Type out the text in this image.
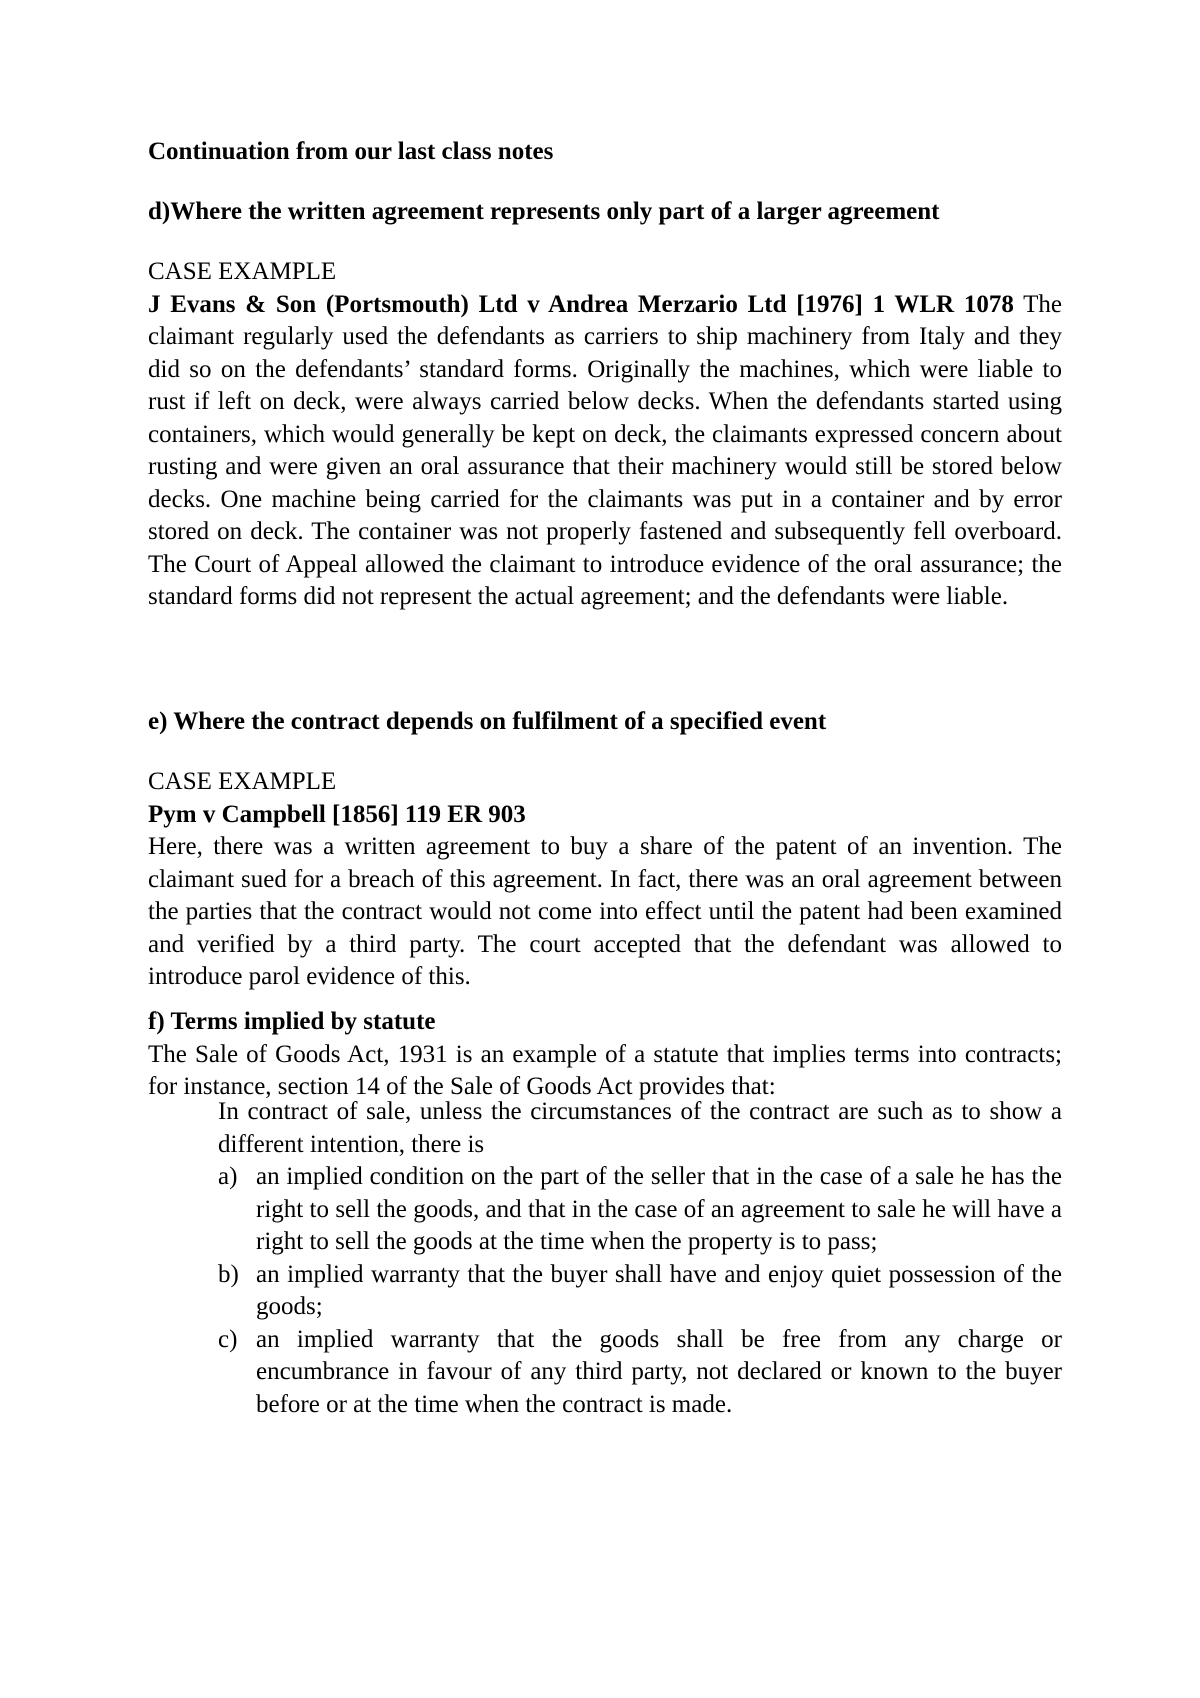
Continuation from our last class notes

d)Where the written agreement represents only part of a larger agreement

CASE EXAMPLE

J Evans & Son (Portsmouth) Ltd v Andrea Merzario Ltd [1976] 1 WLR 1078 The claimant regularly used the defendants as carriers to ship machinery from Italy and they did so on the defendants’ standard forms. Originally the machines, which were liable to rust if left on deck, were always carried below decks. When the defendants started using containers, which would generally be kept on deck, the claimants expressed concern about rusting and were given an oral assurance that their machinery would still be stored below decks. One machine being carried for the claimants was put in a container and by error stored on deck. The container was not properly fastened and subsequently fell overboard. The Court of Appeal allowed the claimant to introduce evidence of the oral assurance; the standard forms did not represent the actual agreement; and the defendants were liable.

e) Where the contract depends on fulfilment of a specified event

CASE EXAMPLE

Pym v Campbell [1856] 119 ER 903

Here, there was a written agreement to buy a share of the patent of an invention. The claimant sued for a breach of this agreement. In fact, there was an oral agreement between the parties that the contract would not come into effect until the patent had been examined and verified by a third party. The court accepted that the defendant was allowed to introduce parol evidence of this.

f) Terms implied by statute

The Sale of Goods Act, 1931 is an example of a statute that implies terms into contracts; for instance, section 14 of the Sale of Goods Act provides that:

In contract of sale, unless the circumstances of the contract are such as to show a different intention, there is

a) an implied condition on the part of the seller that in the case of a sale he has the right to sell the goods, and that in the case of an agreement to sale he will have a right to sell the goods at the time when the property is to pass;
b) an implied warranty that the buyer shall have and enjoy quiet possession of the goods;
c) an implied warranty that the goods shall be free from any charge or encumbrance in favour of any third party, not declared or known to the buyer before or at the time when the contract is made.
